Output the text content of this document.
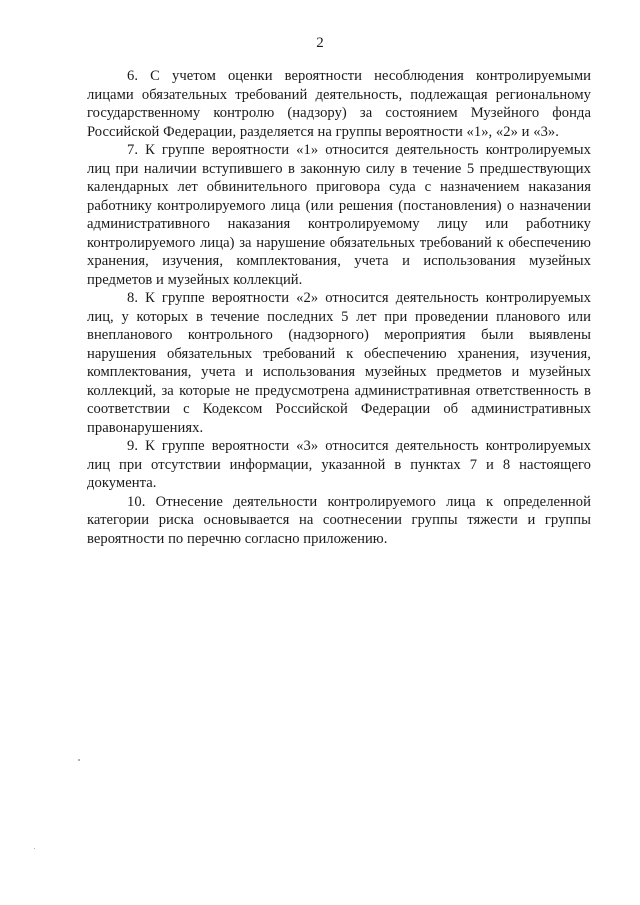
2

6. С учетом оценки вероятности несоблюдения контролируемыми лицами обязательных требований деятельность, подлежащая региональному государственному контролю (надзору) за состоянием Музейного фонда Российской Федерации, разделяется на группы вероятности «1», «2» и «3».

7. К группе вероятности «1» относится деятельность контролируемых лиц при наличии вступившего в законную силу в течение 5 предшествующих календарных лет обвинительного приговора суда с назначением наказания работнику контролируемого лица (или решения (постановления) о назначении административного наказания контролируемому лицу или работнику контролируемого лица) за нарушение обязательных требований к обеспечению хранения, изучения, комплектования, учета и использования музейных предметов и музейных коллекций.

8. К группе вероятности «2» относится деятельность контролируемых лиц, у которых в течение последних 5 лет при проведении планового или внепланового контрольного (надзорного) мероприятия были выявлены нарушения обязательных требований к обеспечению хранения, изучения, комплектования, учета и использования музейных предметов и музейных коллекций, за которые не предусмотрена административная ответственность в соответствии с Кодексом Российской Федерации об административных правонарушениях.

9. К группе вероятности «3» относится деятельность контролируемых лиц при отсутствии информации, указанной в пунктах 7 и 8 настоящего документа.

10. Отнесение деятельности контролируемого лица к определенной категории риска основывается на соотнесении группы тяжести и группы вероятности по перечню согласно приложению.
